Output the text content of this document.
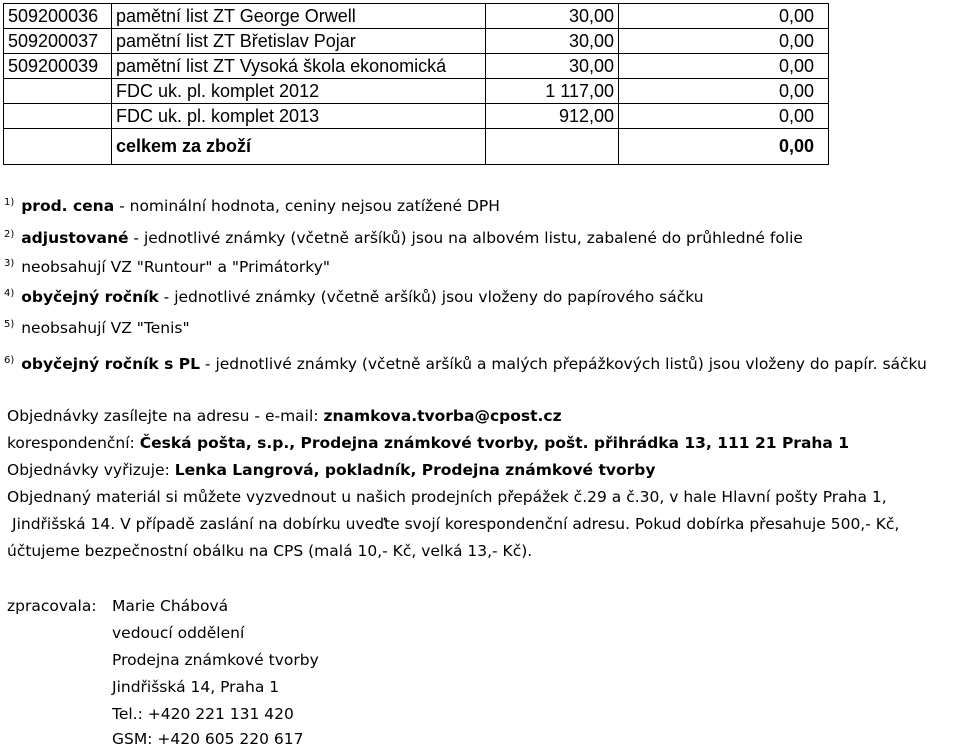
509200036	pamětní list ZT George Orwell	30,00	0,00
509200037	pamětní list ZT Břetislav Pojar	30,00	0,00
509200039	pamětní list ZT Vysoká škola ekonomická	30,00	0,00
	FDC uk. pl. komplet 2012	1 117,00	0,00
	FDC uk. pl. komplet 2013	912,00	0,00
	celkem za zboží		0,00
$^{1)}$ prod. cena - nominální hodnota, ceniny nejsou zatížené DPH
$^{2)}$ adjustované - jednotlivé známky (včetně aršíků) jsou na albovém listu, zabalené do průhledné folie
$^{3)}$ neobsahují VZ "Runtour" a "Primátorky"
$^{4)}$ obyčejný ročník - jednotlivé známky (včetně aršíků) jsou vloženy do papírového sáčku
$^{5)}$ neobsahují VZ "Tenis"
$^{6)}$ obyčejný ročník s PL - jednotlivé známky (včetně aršíků a malých přepážkových listů) jsou vloženy do papír. sáčku
Objednávky zasílejte na adresu - e-mail: znamkova.tvorba@cpost.cz
korespondenční: Česká pošta, s.p., Prodejna známkové tvorby, pošt. přihrádka 13, 111 21 Praha 1
Objednávky vyřizuje: Lenka Langrová, pokladník, Prodejna známkové tvorby
Objednaný materiál si můžete vyzvednout u našich prodejních přepážek č.29 a č.30, v hale Hlavní pošty Praha 1,
Jindřišská 14. V případě zaslání na dobírku uveďte svojí korespondenční adresu. Pokud dobírka přesahuje 500,- Kč,
účtujeme bezpečnostní obálku na CPS (malá 10,- Kč, velká 13,- Kč).
zpracovala: Marie Chábová
vedoucí oddělení
Prodejna známkové tvorby
Jindřišská 14, Praha 1
Tel.: +420 221 131 420
GSM: +420 605 220 617
